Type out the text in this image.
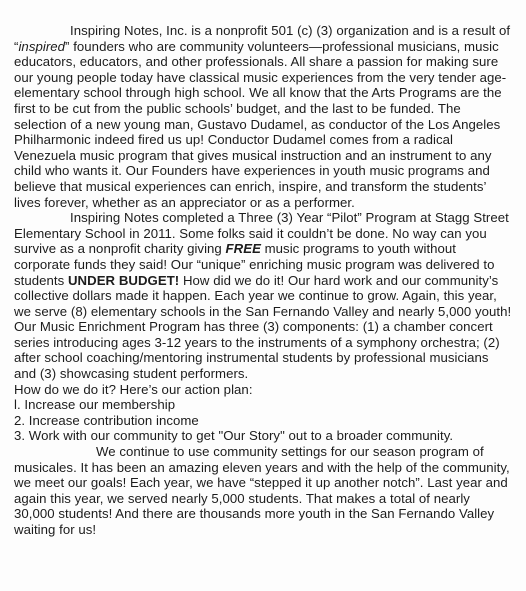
Inspiring Notes, Inc. is a nonprofit 501 (c) (3) organization and is a result of “inspired” founders who are community volunteers—professional musicians, music educators, educators, and other professionals. All share a passion for making sure our young people today have classical music experiences from the very tender age-elementary school through high school. We all know that the Arts Programs are the first to be cut from the public schools’ budget, and the last to be funded. The selection of a new young man, Gustavo Dudamel, as conductor of the Los Angeles Philharmonic indeed fired us up! Conductor Dudamel comes from a radical Venezuela music program that gives musical instruction and an instrument to any child who wants it. Our Founders have experiences in youth music programs and believe that musical experiences can enrich, inspire, and transform the students’ lives forever, whether as an appreciator or as a performer.

Inspiring Notes completed a Three (3) Year “Pilot” Program at Stagg Street Elementary School in 2011. Some folks said it couldn’t be done. No way can you survive as a nonprofit charity giving FREE music programs to youth without corporate funds they said! Our “unique” enriching music program was delivered to students UNDER BUDGET! How did we do it! Our hard work and our community’s collective dollars made it happen. Each year we continue to grow. Again, this year, we serve (8) elementary schools in the San Fernando Valley and nearly 5,000 youth! Our Music Enrichment Program has three (3) components: (1) a chamber concert series introducing ages 3-12 years to the instruments of a symphony orchestra; (2) after school coaching/mentoring instrumental students by professional musicians and (3) showcasing student performers.

How do we do it? Here’s our action plan:
l. Increase our membership
2. Increase contribution income
3. Work with our community to get "Our Story" out to a broader community.

We continue to use community settings for our season program of musicales. It has been an amazing eleven years and with the help of the community, we meet our goals! Each year, we have “stepped it up another notch”. Last year and again this year, we served nearly 5,000 students. That makes a total of nearly 30,000 students! And there are thousands more youth in the San Fernando Valley waiting for us!
